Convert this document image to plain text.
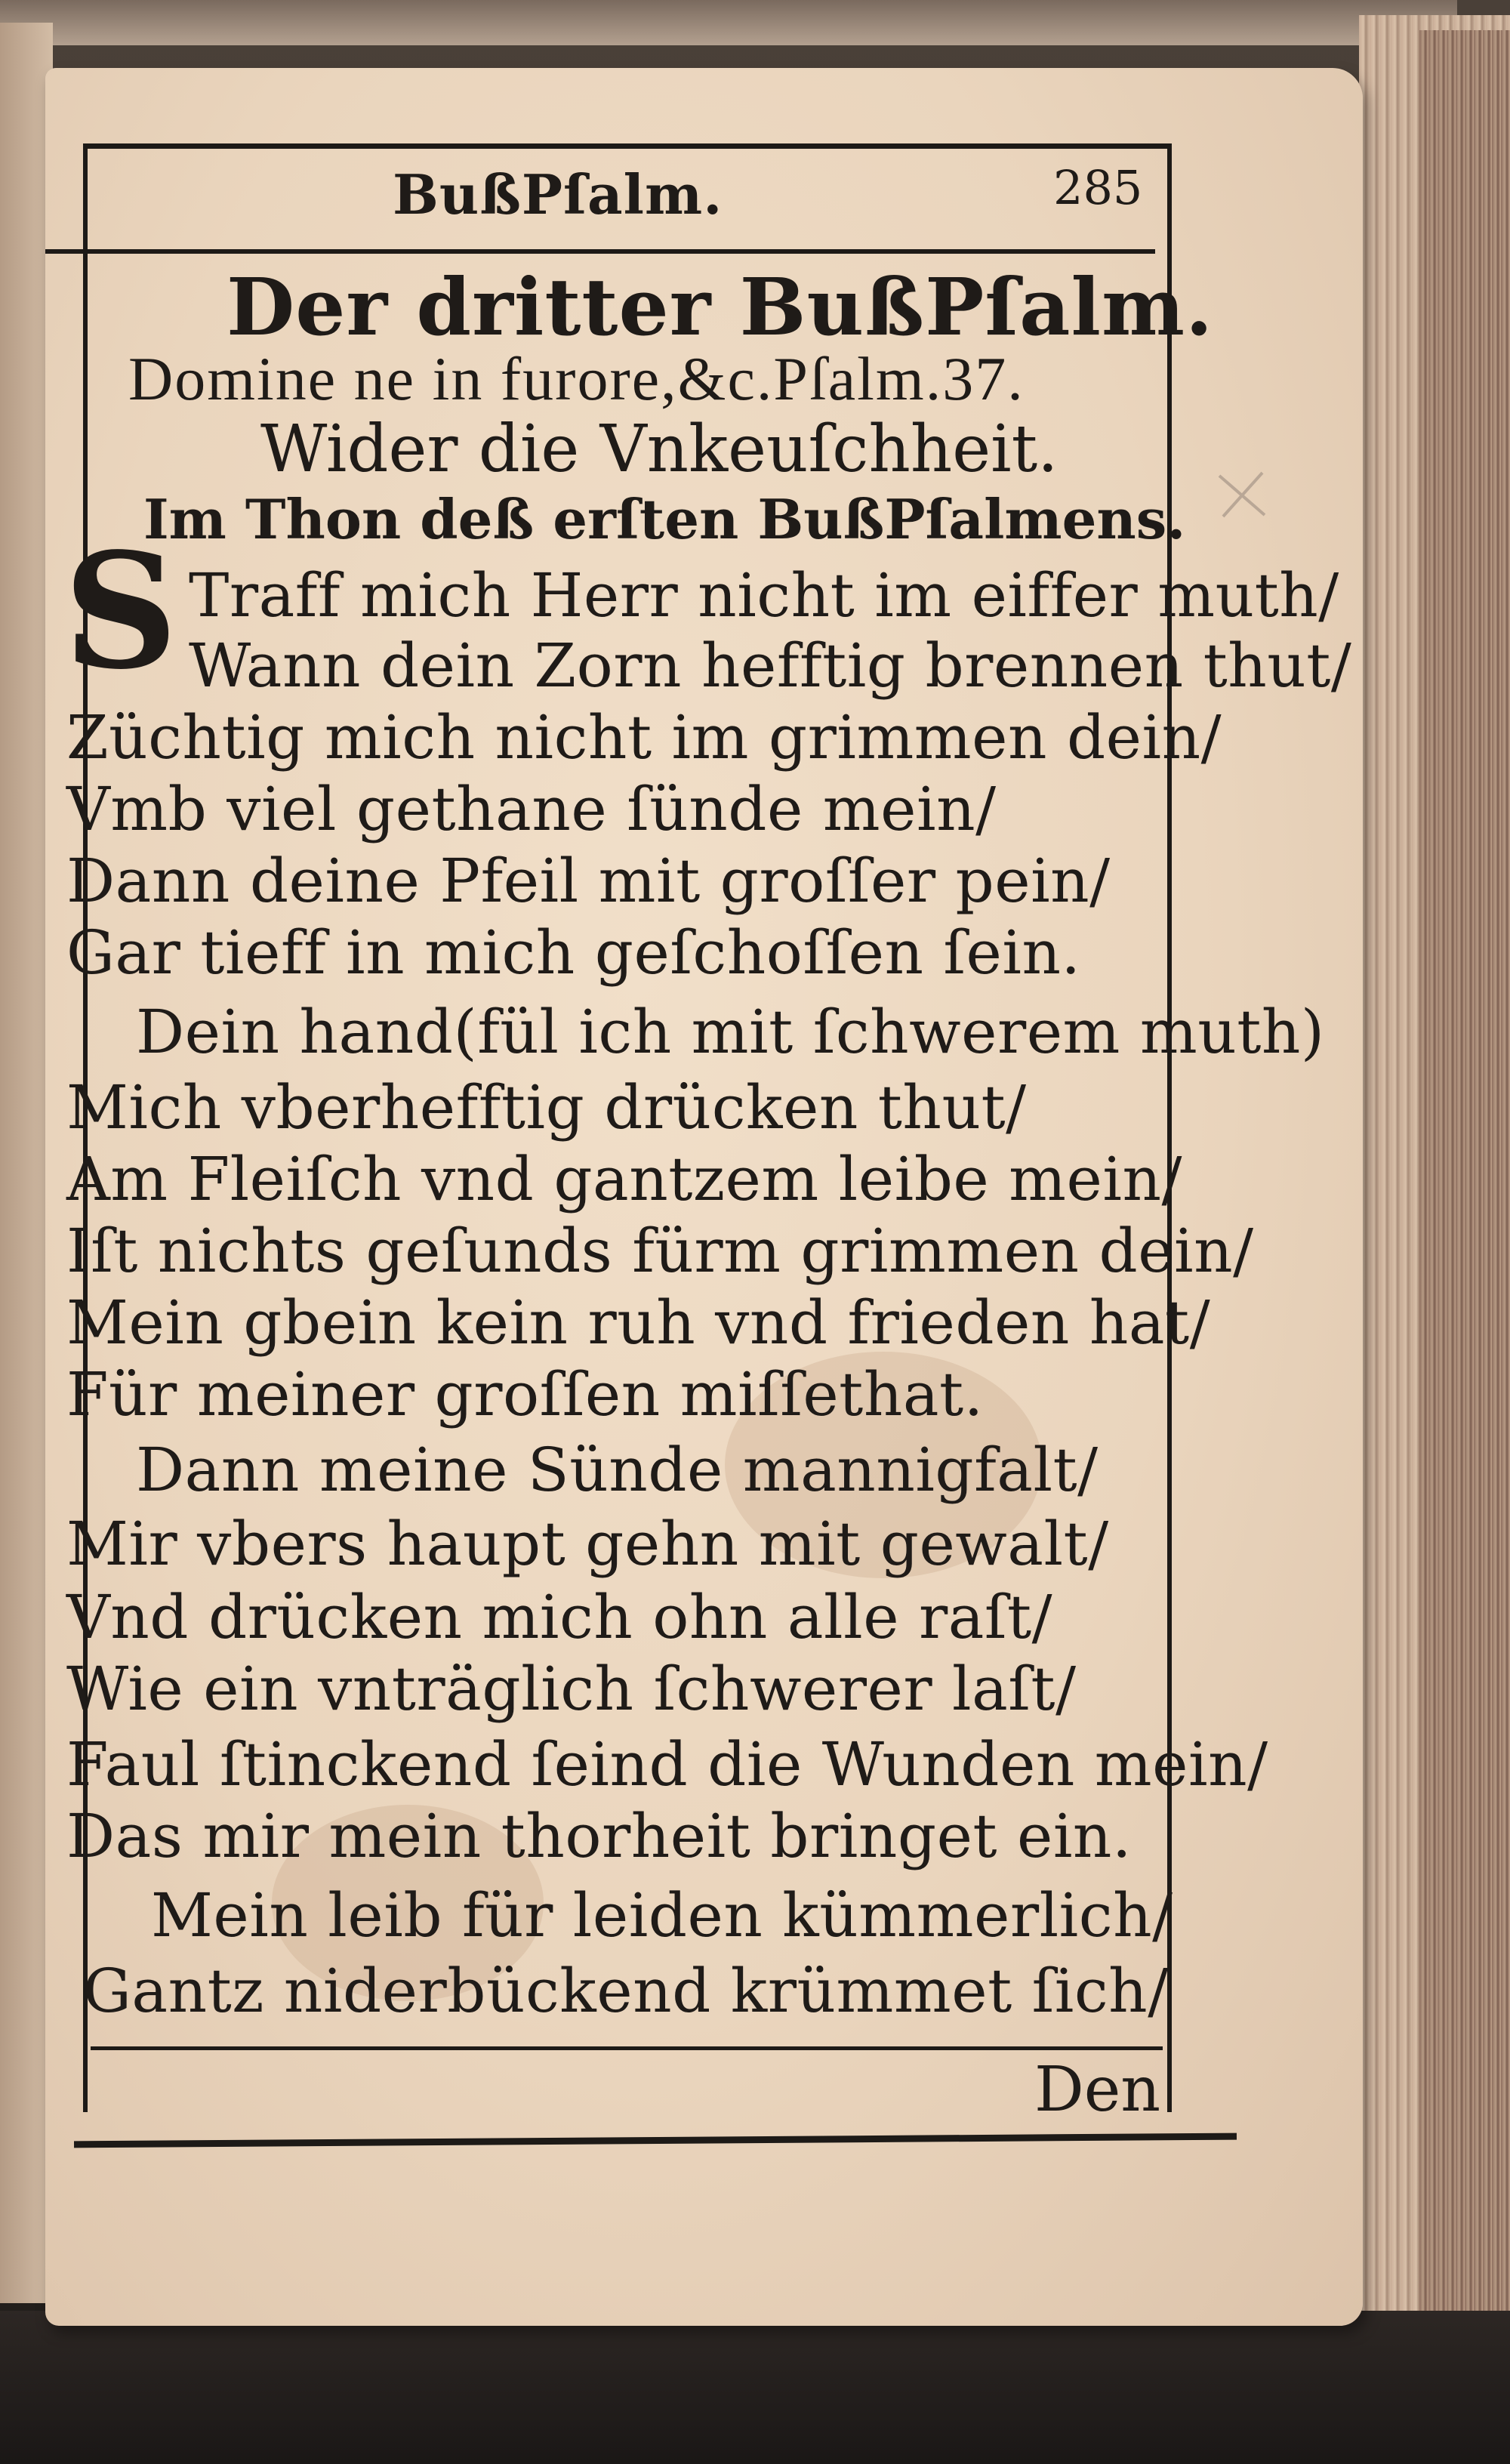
BußPſalm.	285
Der dritter BußPſalm.
Domine ne in furore,&c.Pſalm.37.
Wider die Vnkeuſchheit.
Im Thon deß erſten BußPſalmens.
S Traff mich Herr nicht im eiffer muth/
Wann dein Zorn hefftig brennen thut/
Züchtig mich nicht im grimmen dein/
Vmb viel gethane ſünde mein/
Dann deine Pfeil mit groſſer pein/
Gar tieff in mich geſchoſſen ſein.
Dein hand(fül ich mit ſchwerem muth)
Mich vberhefftig drücken thut/
Am Fleiſch vnd gantzem leibe mein/
Iſt nichts geſunds fürm grimmen dein/
Mein gbein kein ruh vnd frieden hat/
Für meiner groſſen miſſethat.
Dann meine Sünde mannigfalt/
Mir vbers haupt gehn mit gewalt/
Vnd drücken mich ohn alle raſt/
Wie ein vnträglich ſchwerer laſt/
Faul ſtinckend ſeind die Wunden mein/
Das mir mein thorheit bringet ein.
Mein leib für leiden kümmerlich/
Gantz niderbückend krümmet ſich/
Den
